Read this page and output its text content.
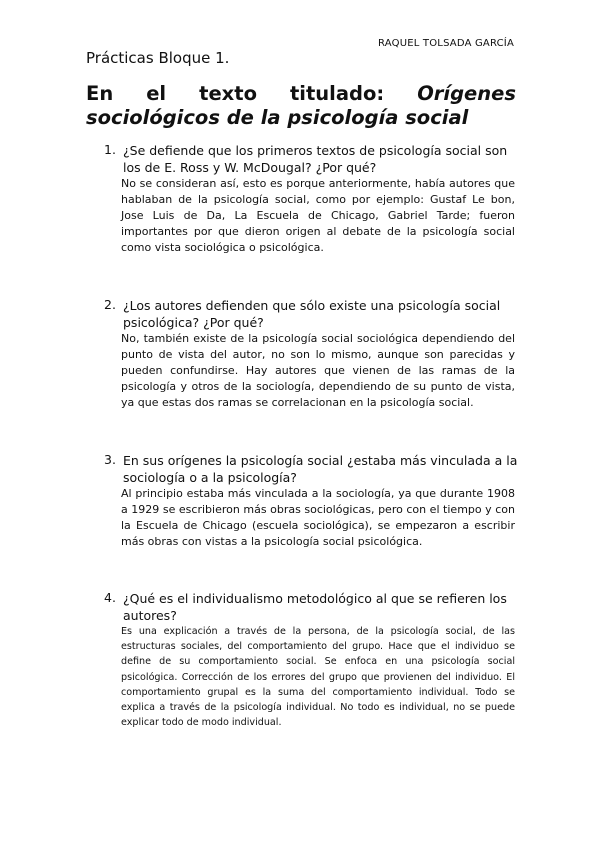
RAQUEL TOLSADA GARCÍA
Prácticas Bloque 1.
En el texto titulado: Orígenes
sociológicos de la psicología social
1. ¿Se defiende que los primeros textos de psicología social son los de E. Ross y W. McDougal? ¿Por qué?
No se consideran así, esto es porque anteriormente, había autores que hablaban de la psicología social, como por ejemplo: Gustaf Le bon, Jose Luis de Da, La Escuela de Chicago, Gabriel Tarde; fueron importantes por que dieron origen al debate de la psicología social como vista sociológica o psicológica.
2. ¿Los autores defienden que sólo existe una psicología social psicológica? ¿Por qué?
No, también existe de la psicología social sociológica dependiendo del punto de vista del autor, no son lo mismo, aunque son parecidas y pueden confundirse. Hay autores que vienen de las ramas de la psicología y otros de la sociología, dependiendo de su punto de vista, ya que estas dos ramas se correlacionan en la psicología social.
3. En sus orígenes la psicología social ¿estaba más vinculada a la sociología o a la psicología?
Al principio estaba más vinculada a la sociología, ya que durante 1908 a 1929 se escribieron más obras sociológicas, pero con el tiempo y con la Escuela de Chicago (escuela sociológica), se empezaron a escribir más obras con vistas a la psicología social psicológica.
4. ¿Qué es el individualismo metodológico al que se refieren los autores?
Es una explicación a través de la persona, de la psicología social, de las estructuras sociales, del comportamiento del grupo. Hace que el individuo se define de su comportamiento social. Se enfoca en una psicología social psicológica. Corrección de los errores del grupo que provienen del individuo. El comportamiento grupal es la suma del comportamiento individual. Todo se explica a través de la psicología individual. No todo es individual, no se puede explicar todo de modo individual.
